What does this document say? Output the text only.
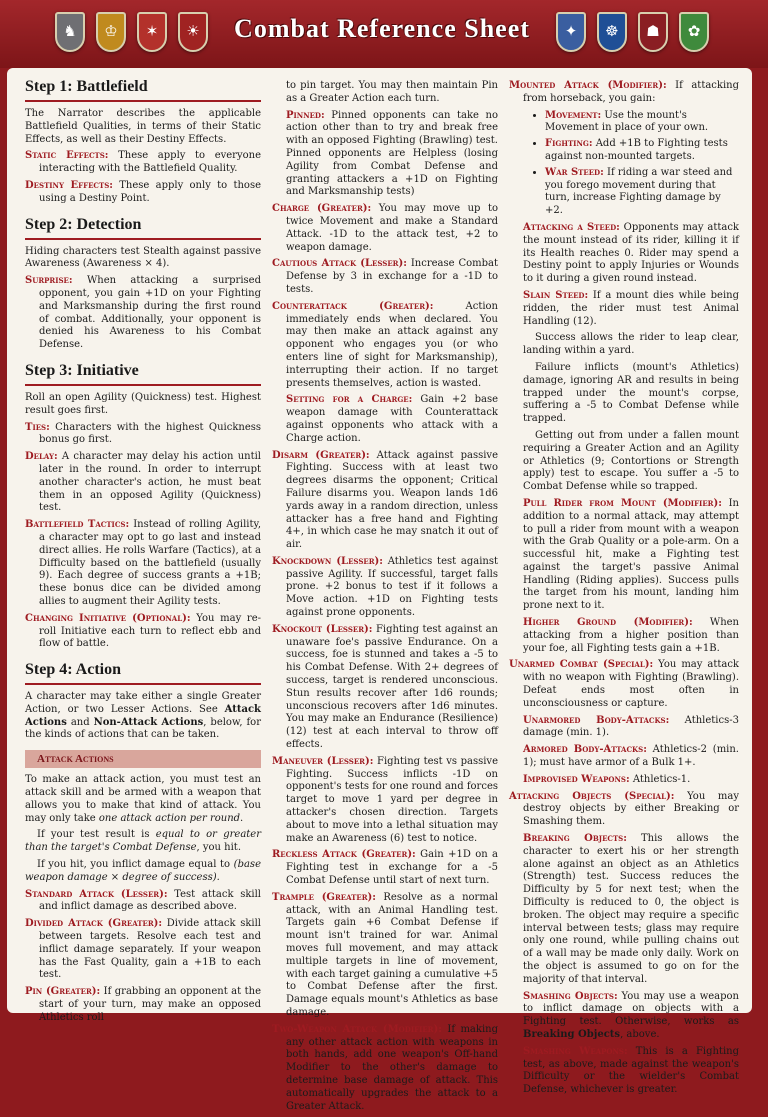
♞	♔	✶	☀	Combat Reference Sheet	✦	☸	☗	✿
Step 1: Battlefield

The Narrator describes the applicable Battlefield Qualities, in terms of their Static Effects, as well as their Destiny Effects.

Static Effects: These apply to everyone interacting with the Battlefield Quality.

Destiny Effects: These apply only to those using a Destiny Point.

Step 2: Detection

Hiding characters test Stealth against passive Awareness (Awareness × 4).

Surprise: When attacking a surprised opponent, you gain +1D on your Fighting and Marksmanship during the first round of combat. Additionally, your opponent is denied his Awareness to his Combat Defense.

Step 3: Initiative

Roll an open Agility (Quickness) test. Highest result goes first.

Ties: Characters with the highest Quickness bonus go first.

Delay: A character may delay his action until later in the round. In order to interrupt another character's action, he must beat them in an opposed Agility (Quickness) test.

Battlefield Tactics: Instead of rolling Agility, a character may opt to go last and instead direct allies. He rolls Warfare (Tactics), at a Difficulty based on the battlefield (usually 9). Each degree of success grants a +1B; these bonus dice can be divided among allies to augment their Agility tests.

Changing Initiative (Optional): You may re-roll Initiative each turn to reflect ebb and flow of battle.

Step 4: Action

A character may take either a single Greater Action, or two Lesser Actions. See Attack Actions and Non-Attack Actions, below, for the kinds of actions that can be taken.

Attack Actions

To make an attack action, you must test an attack skill and be armed with a weapon that allows you to make that kind of attack. You may only take one attack action per round.

If your test result is equal to or greater than the target's Combat Defense, you hit.

If you hit, you inflict damage equal to (base weapon damage × degree of success).

Standard Attack (Lesser): Test attack skill and inflict damage as described above.

Divided Attack (Greater): Divide attack skill between targets. Resolve each test and inflict damage separately. If your weapon has the Fast Quality, gain a +1B to each test.

Pin (Greater): If grabbing an opponent at the start of your turn, may make an opposed Athletics roll

to pin target. You may then maintain Pin as a Greater Action each turn.

Pinned: Pinned opponents can take no action other than to try and break free with an opposed Fighting (Brawling) test. Pinned opponents are Helpless (losing Agility from Combat Defense and granting attackers a +1D on Fighting and Marksmanship tests)

Charge (Greater): You may move up to twice Movement and make a Standard Attack. -1D to the attack test, +2 to weapon damage.

Cautious Attack (Lesser): Increase Combat Defense by 3 in exchange for a -1D to tests.

Counterattack (Greater): Action immediately ends when declared. You may then make an attack against any opponent who engages you (or who enters line of sight for Marksmanship), interrupting their action. If no target presents themselves, action is wasted.

Setting for a Charge: Gain +2 base weapon damage with Counterattack against opponents who attack with a Charge action.

Disarm (Greater): Attack against passive Fighting. Success with at least two degrees disarms the opponent; Critical Failure disarms you. Weapon lands 1d6 yards away in a random direction, unless attacker has a free hand and Fighting 4+, in which case he may snatch it out of air.

Knockdown (Lesser): Athletics test against passive Agility. If successful, target falls prone. +2 bonus to test if it follows a Move action. +1D on Fighting tests against prone opponents.

Knockout (Lesser): Fighting test against an unaware foe's passive Endurance. On a success, foe is stunned and takes a -5 to his Combat Defense. With 2+ degrees of success, target is rendered unconscious. Stun results recover after 1d6 rounds; unconscious recovers after 1d6 minutes. You may make an Endurance (Resilience) (12) test at each interval to throw off effects.

Maneuver (Lesser): Fighting test vs passive Fighting. Success inflicts -1D on opponent's tests for one round and forces target to move 1 yard per degree in attacker's chosen direction. Targets about to move into a lethal situation may make an Awareness (6) test to notice.

Reckless Attack (Greater): Gain +1D on a Fighting test in exchange for a -5 Combat Defense until start of next turn.

Trample (Greater): Resolve as a normal attack, with an Animal Handling test. Targets gain +6 Combat Defense if mount isn't trained for war. Animal moves full movement, and may attack multiple targets in line of movement, with each target gaining a cumulative +5 to Combat Defense after the first. Damage equals mount's Athletics as base damage.

Two-Weapon Attack (Modifier): If making any other attack action with weapons in both hands, add one weapon's Off-hand Modifier to the other's damage to determine base damage of attack. This automatically upgrades the attack to a Greater Attack.

Mounted Attack (Modifier): If attacking from horseback, you gain:

• Movement: Use the mount's Movement in place of your own.
• Fighting: Add +1B to Fighting tests against non-mounted targets.
• War Steed: If riding a war steed and you forego movement during that turn, increase Fighting damage by +2.

Attacking a Steed: Opponents may attack the mount instead of its rider, killing it if its Health reaches 0. Rider may spend a Destiny point to apply Injuries or Wounds to it during a given round instead.

Slain Steed: If a mount dies while being ridden, the rider must test Animal Handling (12).

Success allows the rider to leap clear, landing within a yard.

Failure inflicts (mount's Athletics) damage, ignoring AR and results in being trapped under the mount's corpse, suffering a -5 to Combat Defense while trapped.

Getting out from under a fallen mount requiring a Greater Action and an Agility or Athletics (9; Contortions or Strength apply) test to escape. You suffer a -5 to Combat Defense while so trapped.

Pull Rider from Mount (Modifier): In addition to a normal attack, may attempt to pull a rider from mount with a weapon with the Grab Quality or a pole-arm. On a successful hit, make a Fighting test against the target's passive Animal Handling (Riding applies). Success pulls the target from his mount, landing him prone next to it.

Higher Ground (Modifier): When attacking from a higher position than your foe, all Fighting tests gain a +1B.

Unarmed Combat (Special): You may attack with no weapon with Fighting (Brawling). Defeat ends most often in unconsciousness or capture.

Unarmored Body-Attacks: Athletics-3 damage (min. 1).

Armored Body-Attacks: Athletics-2 (min. 1); must have armor of a Bulk 1+.

Improvised Weapons: Athletics-1.

Attacking Objects (Special): You may destroy objects by either Breaking or Smashing them.

Breaking Objects: This allows the character to exert his or her strength alone against an object as an Athletics (Strength) test. Success reduces the Difficulty by 5 for next test; when the Difficulty is reduced to 0, the object is broken. The object may require a specific interval between tests; glass may require only one round, while pulling chains out of a wall may be made only daily. Work on the object is assumed to go on for the majority of that interval.

Smashing Objects: You may use a weapon to inflict damage on objects with a Fighting test. Otherwise, works as Breaking Objects, above.

Smashing Weapons: This is a Fighting test, as above, made against the weapon's Difficulty or the wielder's Combat Defense, whichever is greater.
